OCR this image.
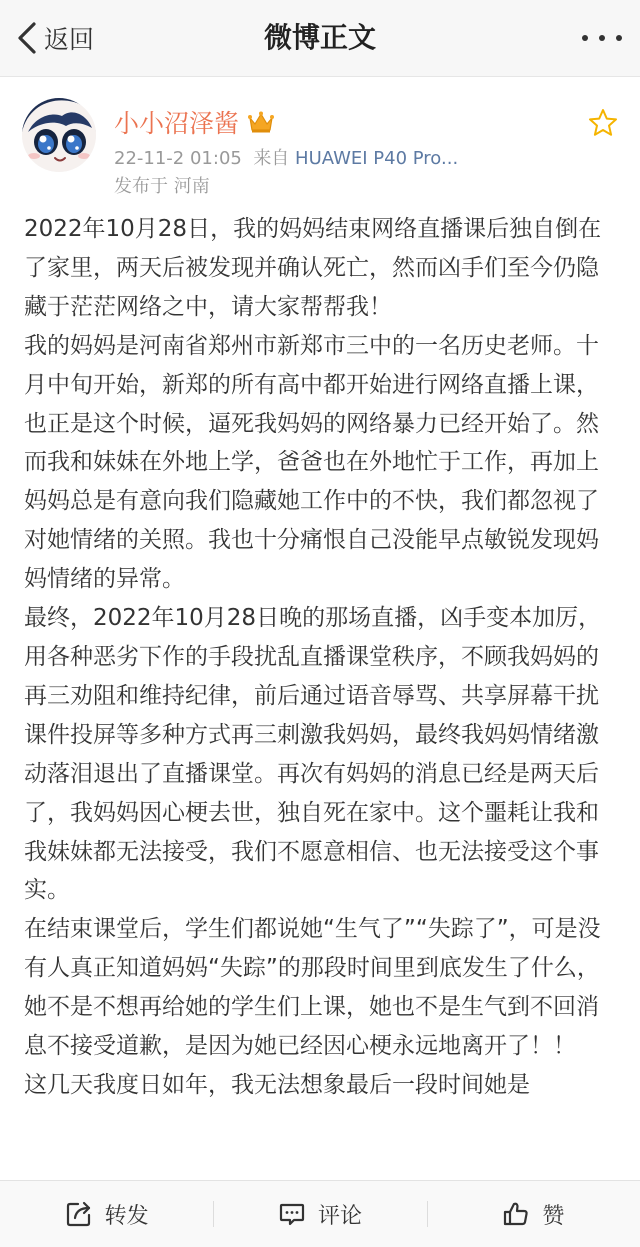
返回	微博正文
小小沼泽酱
22-11-2 01:05 来自 HUAWEI P40 Pro...
发布于 河南

2022年10月28日，我的妈妈结束网络直播课后独自倒在了家里，两天后被发现并确认死亡，然而凶手们至今仍隐藏于茫茫网络之中，请大家帮帮我！

我的妈妈是河南省郑州市新郑市三中的一名历史老师。十月中旬开始，新郑的所有高中都开始进行网络直播上课，也正是这个时候，逼死我妈妈的网络暴力已经开始了。然而我和妹妹在外地上学，爸爸也在外地忙于工作，再加上妈妈总是有意向我们隐藏她工作中的不快，我们都忽视了对她情绪的关照。我也十分痛恨自己没能早点敏锐发现妈妈情绪的异常。

最终，2022年10月28日晚的那场直播，凶手变本加厉，用各种恶劣下作的手段扰乱直播课堂秩序，不顾我妈妈的再三劝阻和维持纪律，前后通过语音辱骂、共享屏幕干扰课件投屏等多种方式再三刺激我妈妈，最终我妈妈情绪激动落泪退出了直播课堂。再次有妈妈的消息已经是两天后了，我妈妈因心梗去世，独自死在家中。这个噩耗让我和我妹妹都无法接受，我们不愿意相信、也无法接受这个事实。

在结束课堂后，学生们都说她“生气了”“失踪了”，可是没有人真正知道妈妈“失踪”的那段时间里到底发生了什么，她不是不想再给她的学生们上课，她也不是生气到不回消息不接受道歉，是因为她已经因心梗永远地离开了！！

这几天我度日如年，我无法想象最后一段时间她是

转发	评论	赞
